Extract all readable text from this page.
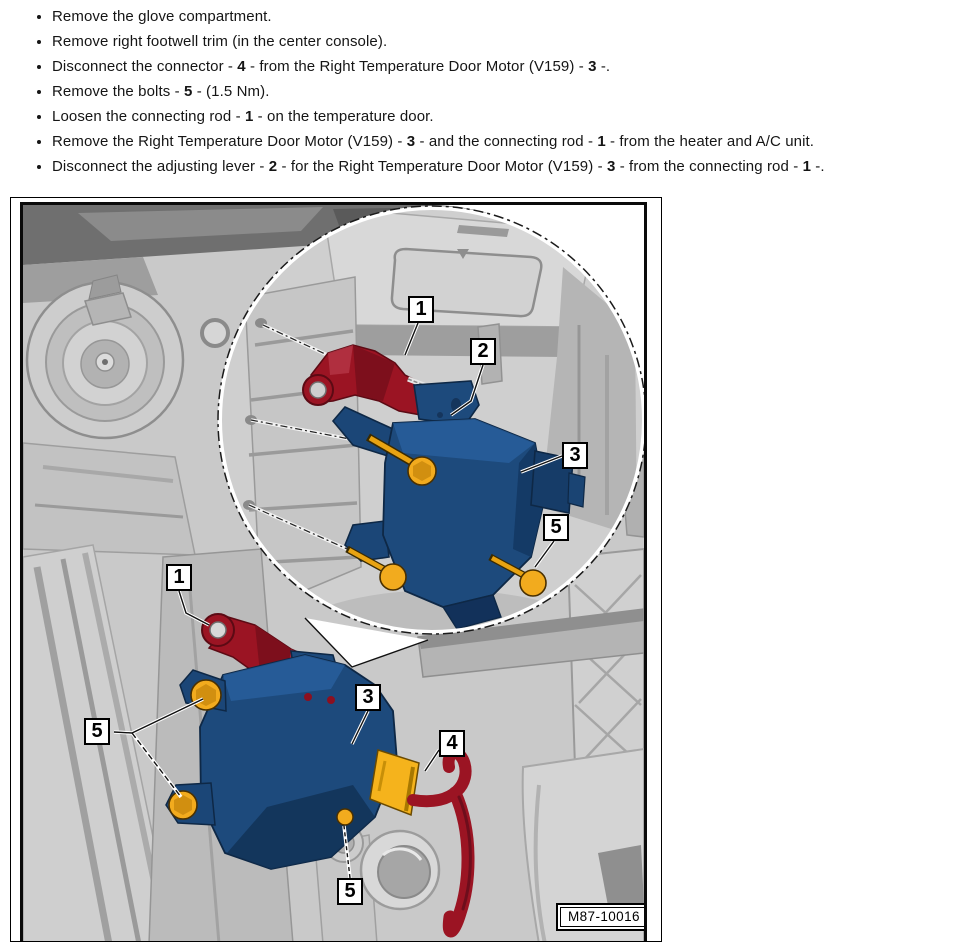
• Remove the glove compartment.
• Remove right footwell trim (in the center console).
• Disconnect the connector - 4 - from the Right Temperature Door Motor (V159) - 3 -.
• Remove the bolts - 5 - (1.5 Nm).
• Loosen the connecting rod - 1 - on the temperature door.
• Remove the Right Temperature Door Motor (V159) - 3 - and the connecting rod - 1 - from the heater and A/C unit.
• Disconnect the adjusting lever - 2 - for the Right Temperature Door Motor (V159) - 3 - from the connecting rod - 1 -.
1
2
3
5
1
5
3
4
5
M87-10016
